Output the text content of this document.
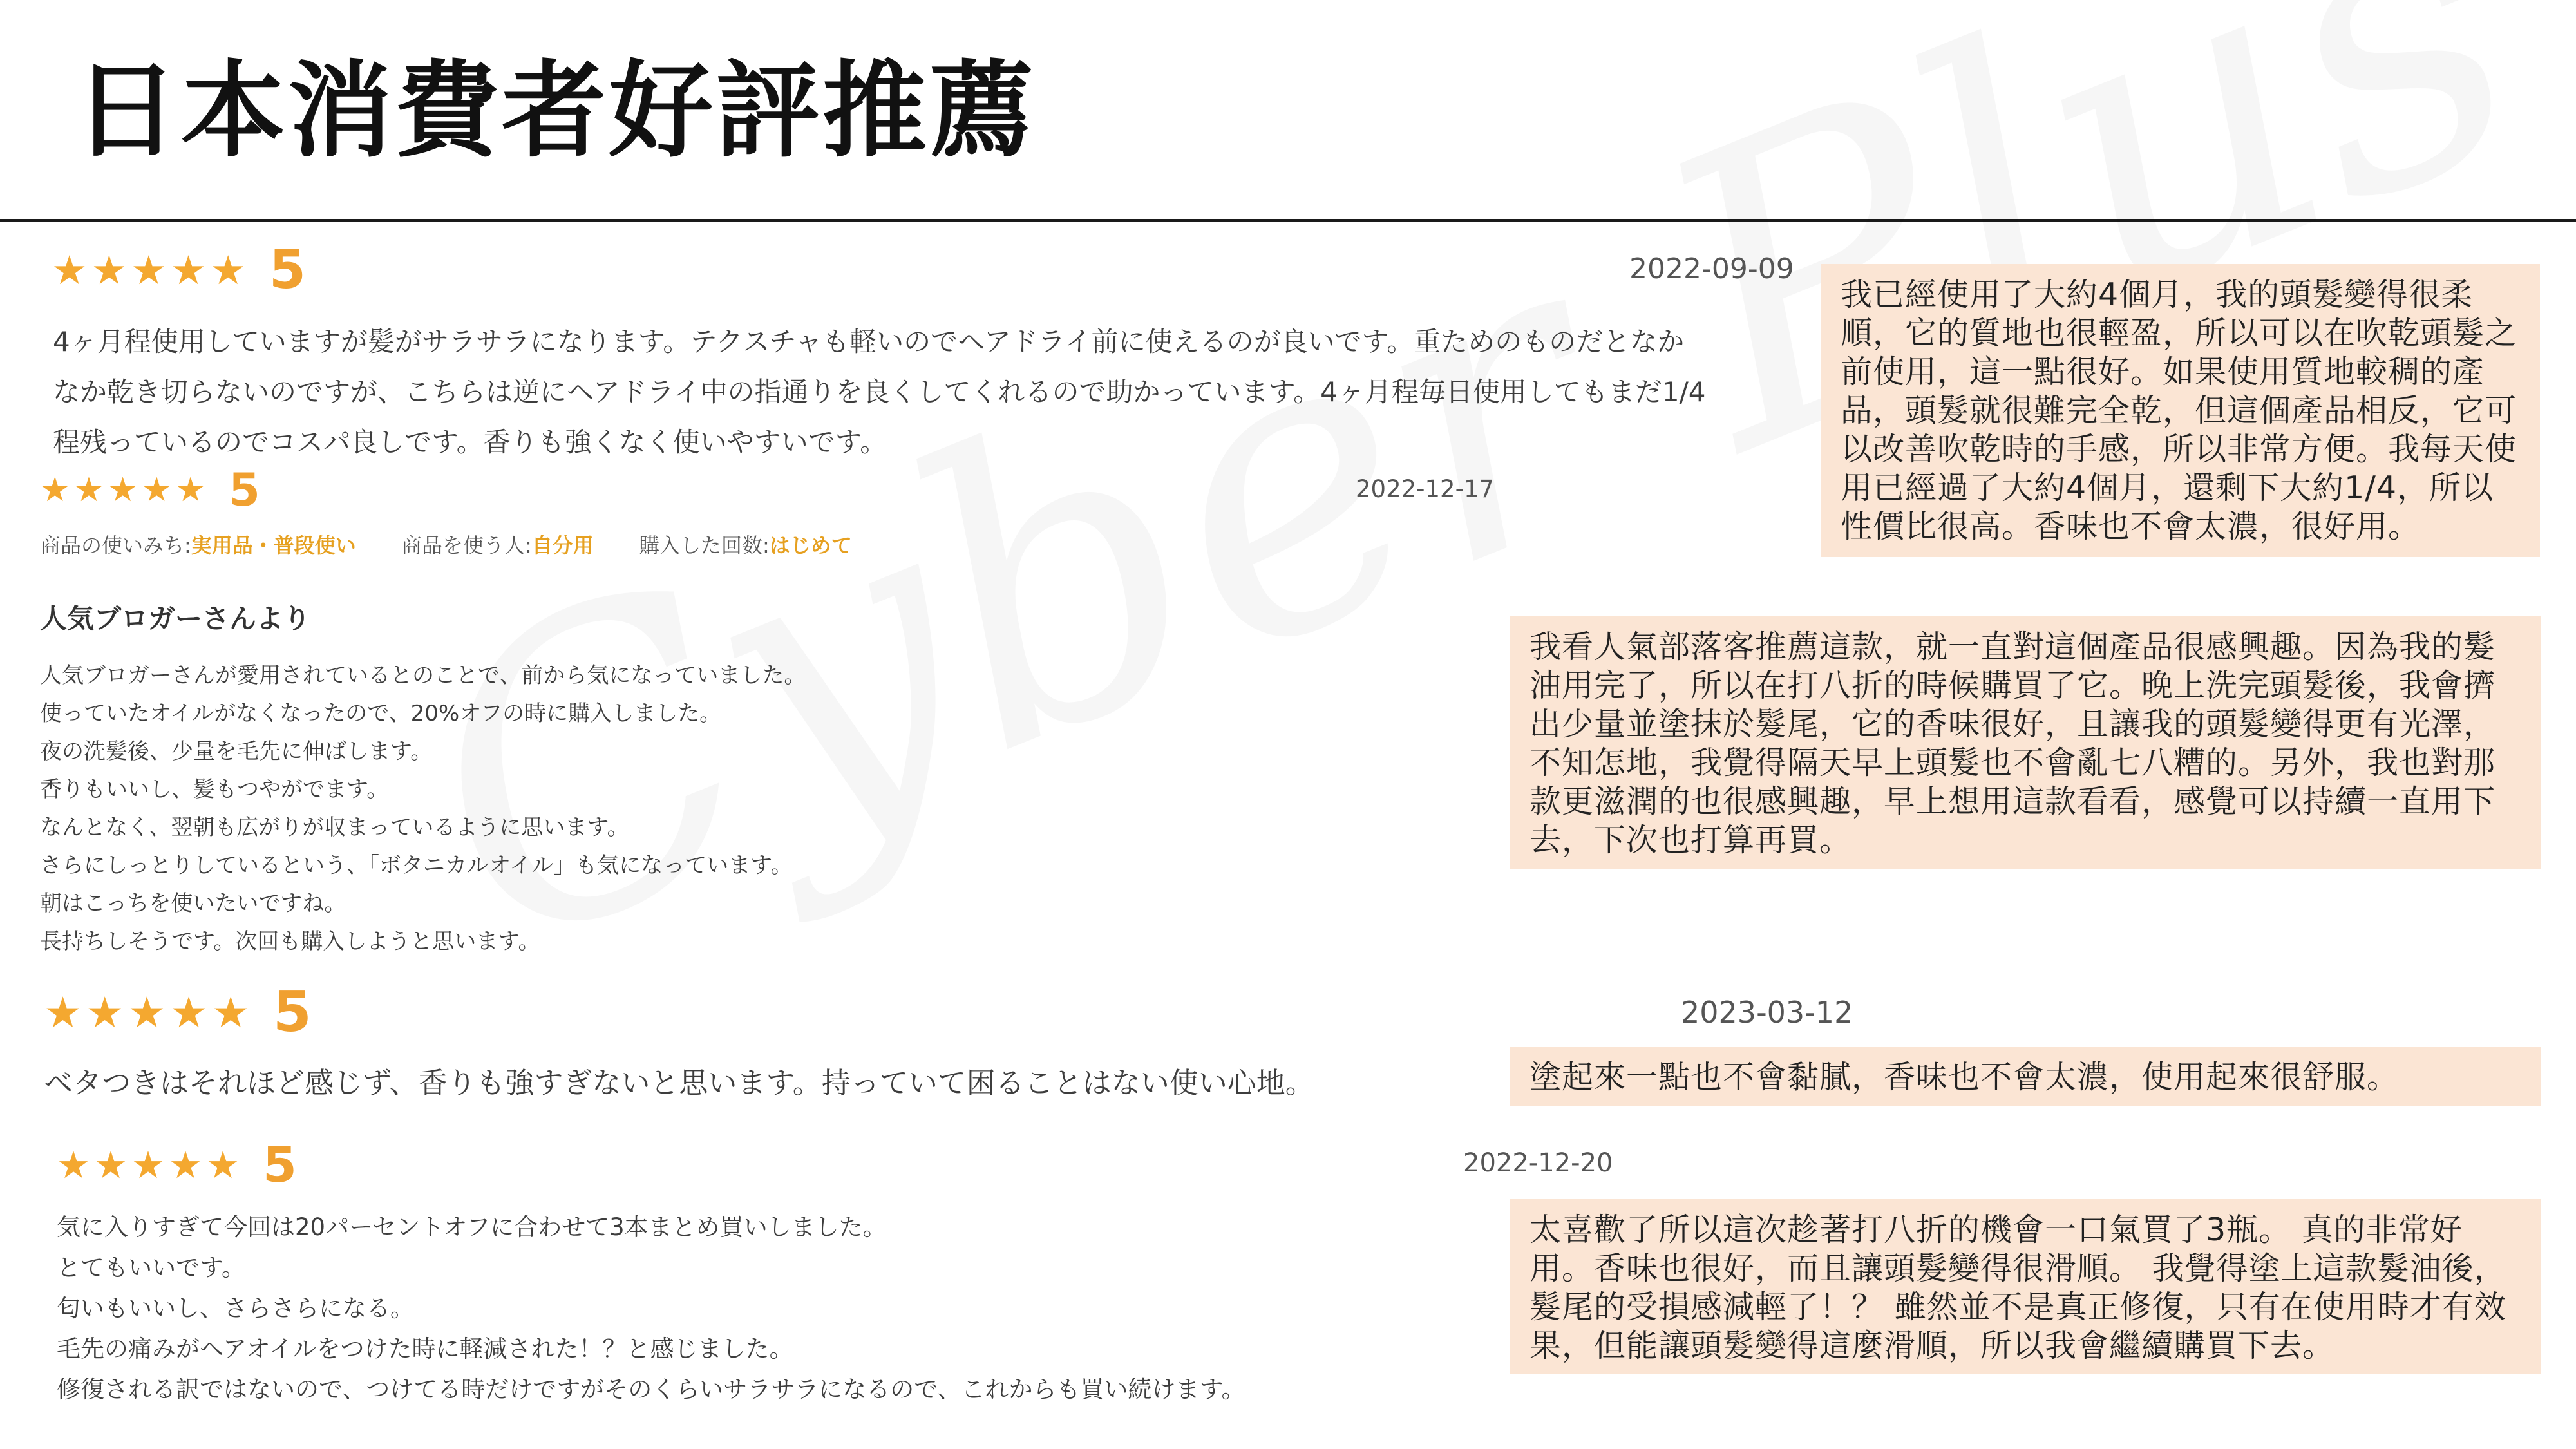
日本消費者好評推薦
★★★★★ 5	2022-09-09
4ヶ月程使用していますが髪がサラサラになります。テクスチャも軽いのでヘアドライ前に使えるのが良いです。重ためのものだとなか
なか乾き切らないのですが、こちらは逆にヘアドライ中の指通りを良くしてくれるので助かっています。4ヶ月程毎日使用してもまだ1/4
程残っているのでコスパ良しです。香りも強くなく使いやすいです。
我已經使用了大約4個月，我的頭髮變得很柔順，它的質地也很輕盈，所以可以在吹乾頭髮之前使用，這一點很好。如果使用質地較稠的產品，頭髮就很難完全乾，但這個產品相反，它可以改善吹乾時的手感，所以非常方便。我每天使用已經過了大約4個月，還剩下大約1/4，所以性價比很高。香味也不會太濃，很好用。
★★★★★ 5	2022-12-17
商品の使いみち:実用品・普段使い 商品を使う人:自分用 購入した回数:はじめて
人気ブロガーさんより
人気ブロガーさんが愛用されているとのことで、前から気になっていました。
使っていたオイルがなくなったので、20%オフの時に購入しました。
夜の洗髪後、少量を毛先に伸ばします。
香りもいいし、髪もつやがでます。
なんとなく、翌朝も広がりが収まっているように思います。
さらにしっとりしているという、「ボタニカルオイル」も気になっています。
朝はこっちを使いたいですね。
長持ちしそうです。次回も購入しようと思います。
我看人氣部落客推薦這款，就一直對這個產品很感興趣。因為我的髮油用完了，所以在打八折的時候購買了它。晚上洗完頭髮後，我會擠出少量並塗抹於髮尾，它的香味很好，且讓我的頭髮變得更有光澤，不知怎地，我覺得隔天早上頭髮也不會亂七八糟的。另外，我也對那款更滋潤的也很感興趣，早上想用這款看看，感覺可以持續一直用下去，下次也打算再買。
★★★★★ 5	2023-03-12
ベタつきはそれほど感じず、香りも強すぎないと思います。持っていて困ることはない使い心地。	塗起來一點也不會黏膩，香味也不會太濃，使用起來很舒服。
★★★★★ 5	2022-12-20
気に入りすぎて今回は20パーセントオフに合わせて3本まとめ買いしました。
とてもいいです。
匂いもいいし、さらさらになる。
毛先の痛みがヘアオイルをつけた時に軽減された！？と感じました。
修復される訳ではないので、つけてる時だけですがそのくらいサラサラになるので、これからも買い続けます。
太喜歡了所以這次趁著打八折的機會一口氣買了3瓶。 真的非常好用。香味也很好，而且讓頭髮變得很滑順。 我覺得塗上這款髮油後，髮尾的受損感減輕了！？ 雖然並不是真正修復，只有在使用時才有效果，但能讓頭髮變得這麼滑順，所以我會繼續購買下去。
